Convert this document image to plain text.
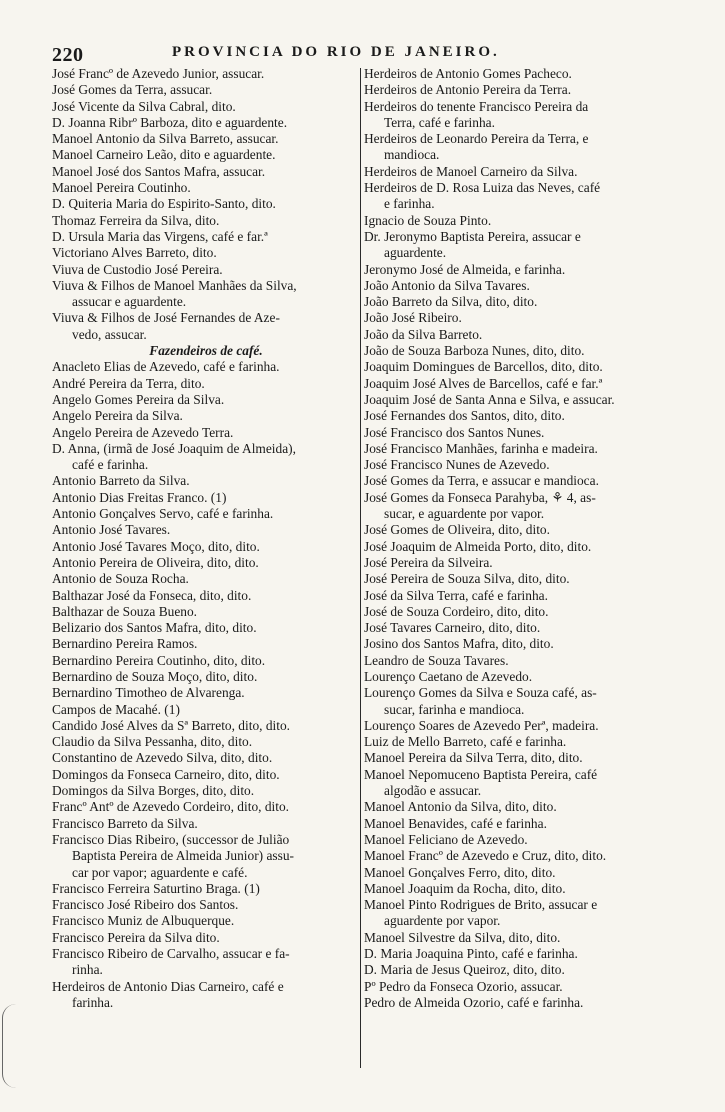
220	PROVINCIA DO RIO DE JANEIRO.
José Francº de Azevedo Junior, assucar.
José Gomes da Terra, assucar.
José Vicente da Silva Cabral, dito.
D. Joanna Ribrº Barboza, dito e aguardente.
Manoel Antonio da Silva Barreto, assucar.
Manoel Carneiro Leão, dito e aguardente.
Manoel José dos Santos Mafra, assucar.
Manoel Pereira Coutinho.
D. Quiteria Maria do Espirito-Santo, dito.
Thomaz Ferreira da Silva, dito.
D. Ursula Maria das Virgens, café e far.ª
Victoriano Alves Barreto, dito.
Viuva de Custodio José Pereira.
Viuva & Filhos de Manoel Manhães da Silva,
assucar e aguardente.
Viuva & Filhos de José Fernandes de Aze-
vedo, assucar.
Fazendeiros de café.
Anacleto Elias de Azevedo, café e farinha.
André Pereira da Terra, dito.
Angelo Gomes Pereira da Silva.
Angelo Pereira da Silva.
Angelo Pereira de Azevedo Terra.
D. Anna, (irmã de José Joaquim de Almeida),
café e farinha.
Antonio Barreto da Silva.
Antonio Dias Freitas Franco. (1)
Antonio Gonçalves Servo, café e farinha.
Antonio José Tavares.
Antonio José Tavares Moço, dito, dito.
Antonio Pereira de Oliveira, dito, dito.
Antonio de Souza Rocha.
Balthazar José da Fonseca, dito, dito.
Balthazar de Souza Bueno.
Belizario dos Santos Mafra, dito, dito.
Bernardino Pereira Ramos.
Bernardino Pereira Coutinho, dito, dito.
Bernardino de Souza Moço, dito, dito.
Bernardino Timotheo de Alvarenga.
Campos de Macahé. (1)
Candido José Alves da Sª Barreto, dito, dito.
Claudio da Silva Pessanha, dito, dito.
Constantino de Azevedo Silva, dito, dito.
Domingos da Fonseca Carneiro, dito, dito.
Domingos da Silva Borges, dito, dito.
Francº Antº de Azevedo Cordeiro, dito, dito.
Francisco Barreto da Silva.
Francisco Dias Ribeiro, (successor de Julião
Baptista Pereira de Almeida Junior) assu-
car por vapor; aguardente e café.
Francisco Ferreira Saturtino Braga. (1)
Francisco José Ribeiro dos Santos.
Francisco Muniz de Albuquerque.
Francisco Pereira da Silva dito.
Francisco Ribeiro de Carvalho, assucar e fa-
rinha.
Herdeiros de Antonio Dias Carneiro, café e
farinha.
Herdeiros de Antonio Gomes Pacheco.
Herdeiros de Antonio Pereira da Terra.
Herdeiros do tenente Francisco Pereira da
Terra, café e farinha.
Herdeiros de Leonardo Pereira da Terra, e
mandioca.
Herdeiros de Manoel Carneiro da Silva.
Herdeiros de D. Rosa Luiza das Neves, café
e farinha.
Ignacio de Souza Pinto.
Dr. Jeronymo Baptista Pereira, assucar e
aguardente.
Jeronymo José de Almeida, e farinha.
João Antonio da Silva Tavares.
João Barreto da Silva, dito, dito.
João José Ribeiro.
João da Silva Barreto.
João de Souza Barboza Nunes, dito, dito.
Joaquim Domingues de Barcellos, dito, dito.
Joaquim José Alves de Barcellos, café e far.ª
Joaquim José de Santa Anna e Silva, e assucar.
José Fernandes dos Santos, dito, dito.
José Francisco dos Santos Nunes.
José Francisco Manhães, farinha e madeira.
José Francisco Nunes de Azevedo.
José Gomes da Terra, e assucar e mandioca.
José Gomes da Fonseca Parahyba, ⚘ 4, as-
sucar, e aguardente por vapor.
José Gomes de Oliveira, dito, dito.
José Joaquim de Almeida Porto, dito, dito.
José Pereira da Silveira.
José Pereira de Souza Silva, dito, dito.
José da Silva Terra, café e farinha.
José de Souza Cordeiro, dito, dito.
José Tavares Carneiro, dito, dito.
Josino dos Santos Mafra, dito, dito.
Leandro de Souza Tavares.
Lourenço Caetano de Azevedo.
Lourenço Gomes da Silva e Souza café, as-
sucar, farinha e mandioca.
Lourenço Soares de Azevedo Perª, madeira.
Luiz de Mello Barreto, café e farinha.
Manoel Pereira da Silva Terra, dito, dito.
Manoel Nepomuceno Baptista Pereira, café
algodão e assucar.
Manoel Antonio da Silva, dito, dito.
Manoel Benavides, café e farinha.
Manoel Feliciano de Azevedo.
Manoel Francº de Azevedo e Cruz, dito, dito.
Manoel Gonçalves Ferro, dito, dito.
Manoel Joaquim da Rocha, dito, dito.
Manoel Pinto Rodrigues de Brito, assucar e
aguardente por vapor.
Manoel Silvestre da Silva, dito, dito.
D. Maria Joaquina Pinto, café e farinha.
D. Maria de Jesus Queiroz, dito, dito.
Pº Pedro da Fonseca Ozorio, assucar.
Pedro de Almeida Ozorio, café e farinha.
